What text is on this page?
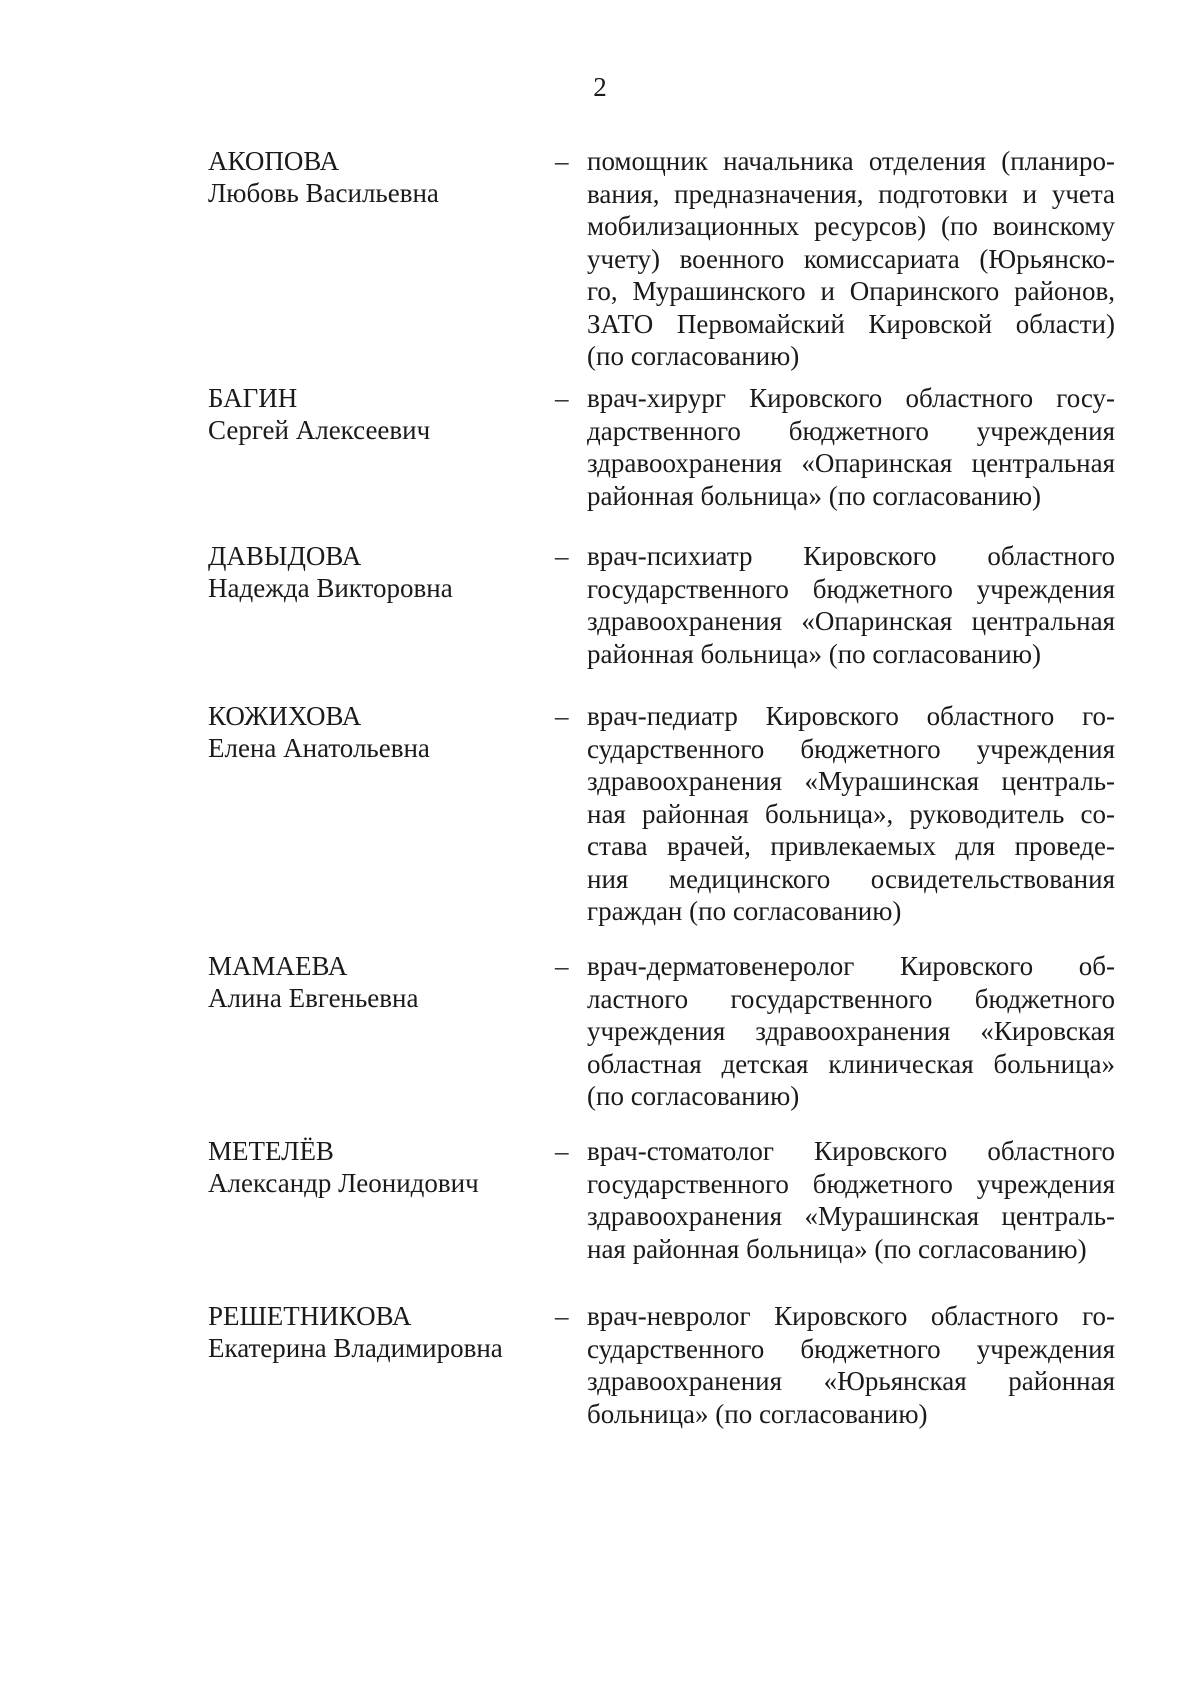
2
АКОПОВА
Любовь Васильевна
– помощник начальника отделения (планиро-
вания, предназначения, подготовки и учета
мобилизационных ресурсов) (по воинскому
учету) военного комиссариата (Юрьянско-
го, Мурашинского и Опаринского районов,
ЗАТО Первомайский Кировской области)
(по согласованию)
БАГИН
Сергей Алексеевич
– врач-хирург Кировского областного госу-
дарственного бюджетного учреждения
здравоохранения «Опаринская центральная
районная больница» (по согласованию)
ДАВЫДОВА
Надежда Викторовна
– врач-психиатр Кировского областного
государственного бюджетного учреждения
здравоохранения «Опаринская центральная
районная больница» (по согласованию)
КОЖИХОВА
Елена Анатольевна
– врач-педиатр Кировского областного го-
сударственного бюджетного учреждения
здравоохранения «Мурашинская централь-
ная районная больница», руководитель со-
става врачей, привлекаемых для проведе-
ния медицинского освидетельствования
граждан (по согласованию)
МАМАЕВА
Алина Евгеньевна
– врач-дерматовенеролог Кировского об-
ластного государственного бюджетного
учреждения здравоохранения «Кировская
областная детская клиническая больница»
(по согласованию)
МЕТЕЛЁВ
Александр Леонидович
– врач-стоматолог Кировского областного
государственного бюджетного учреждения
здравоохранения «Мурашинская централь-
ная районная больница» (по согласованию)
РЕШЕТНИКОВА
Екатерина Владимировна
– врач-невролог Кировского областного го-
сударственного бюджетного учреждения
здравоохранения «Юрьянская районная
больница» (по согласованию)
